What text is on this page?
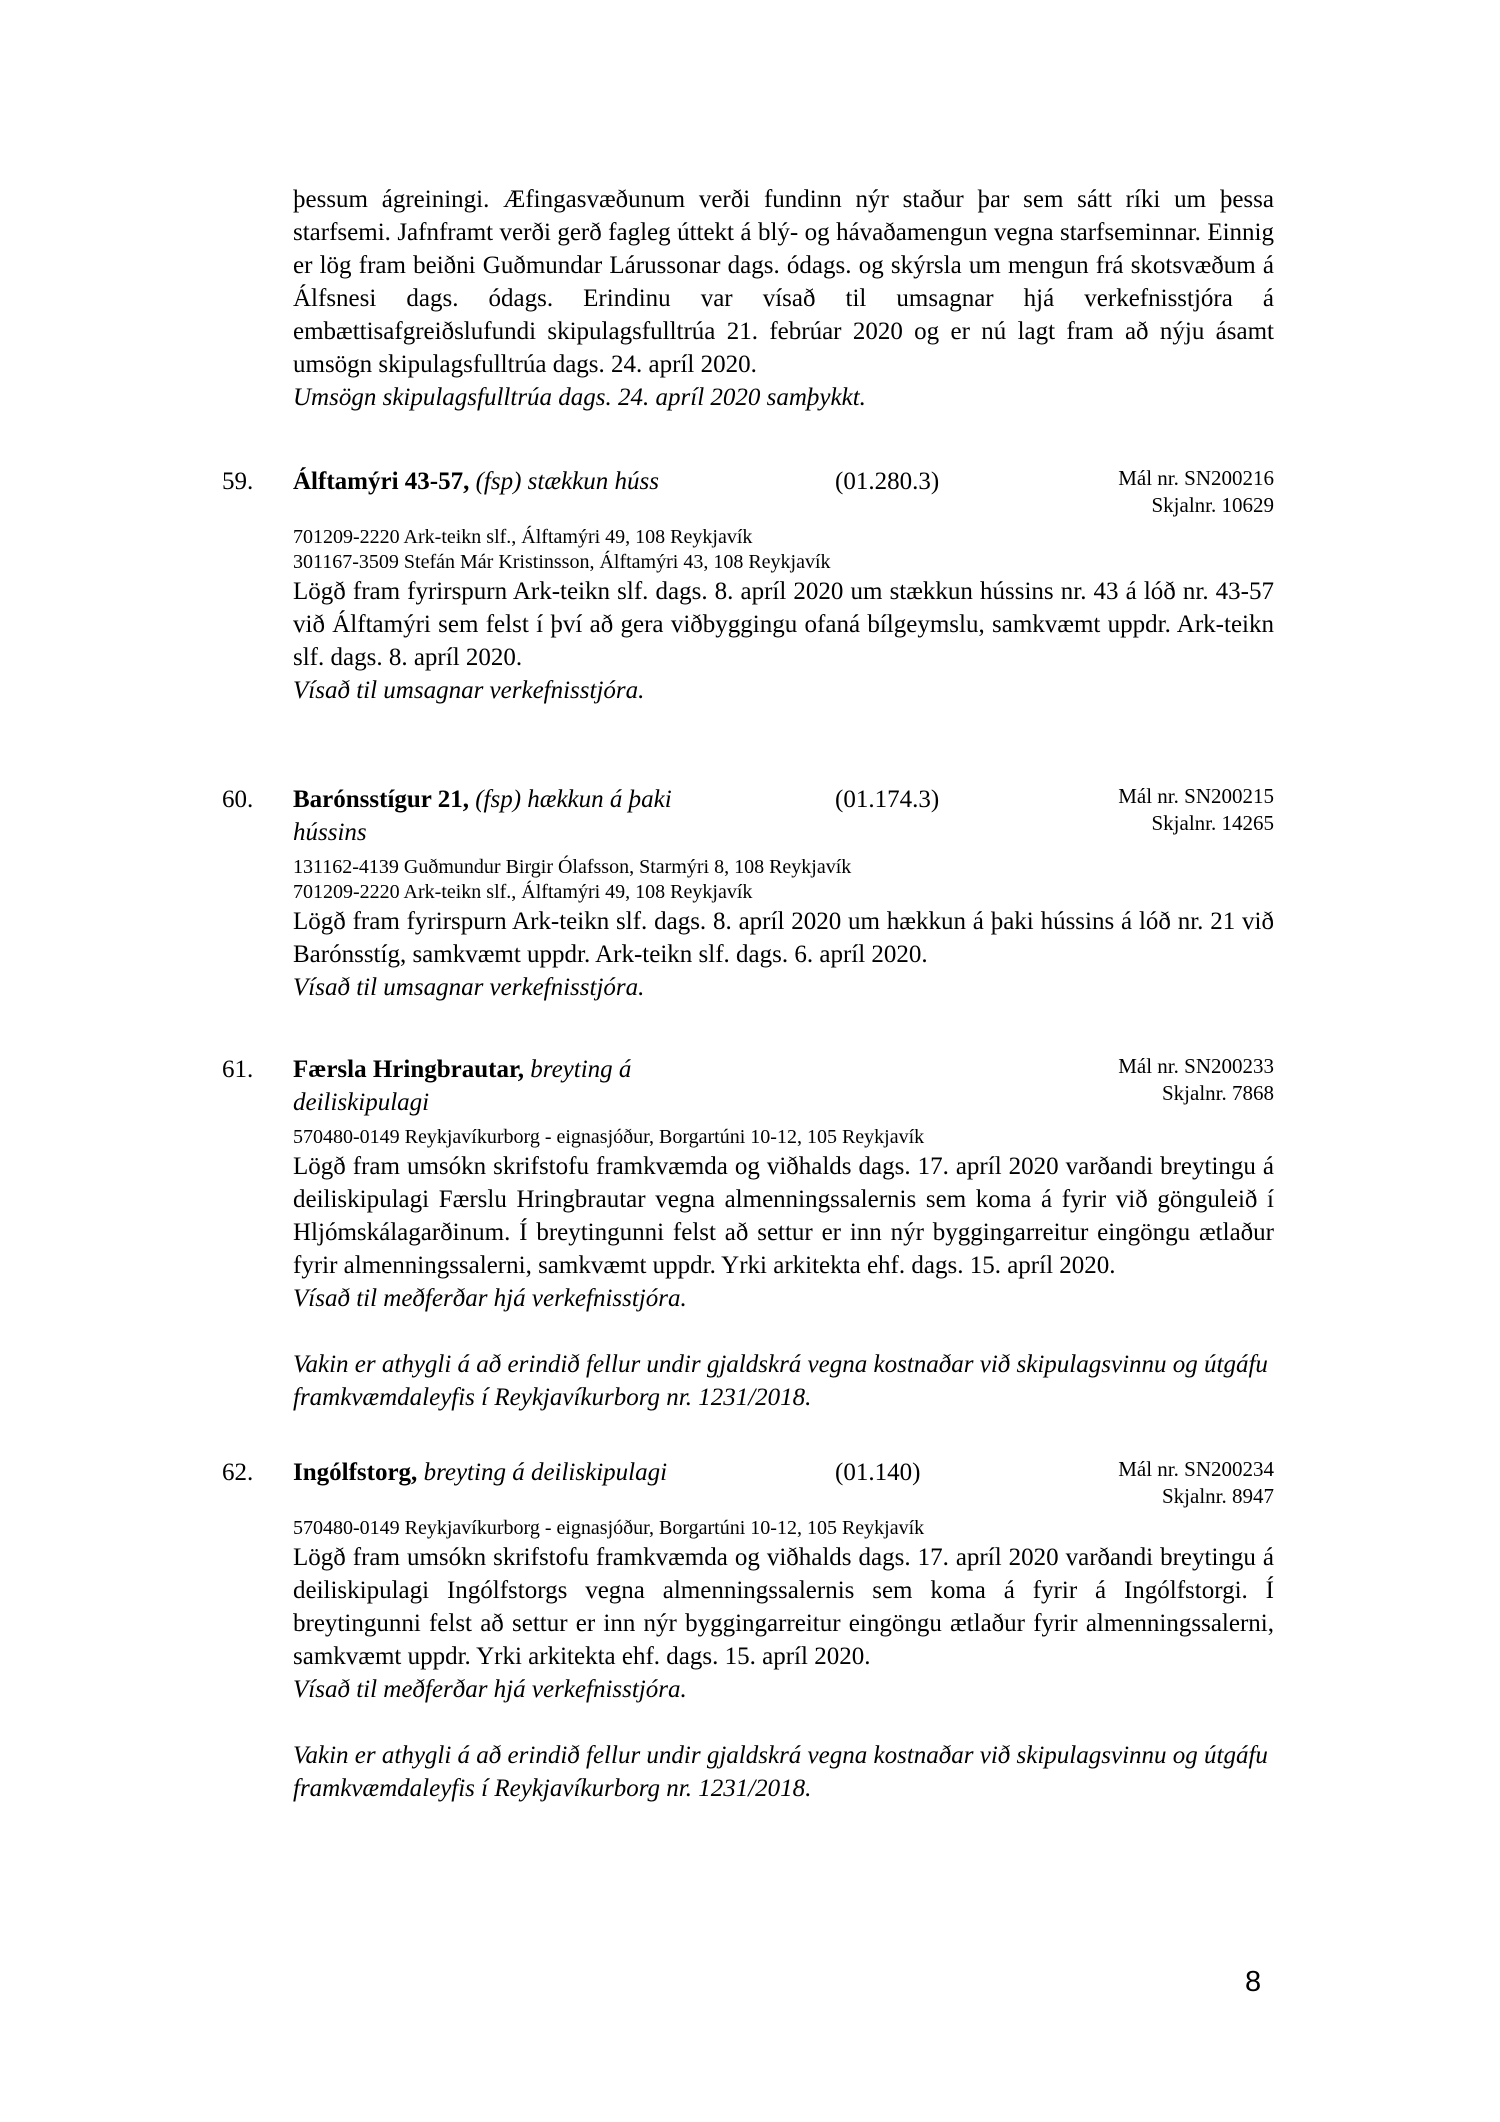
þessum ágreiningi. Æfingasvæðunum verði fundinn nýr staður þar sem sátt ríki um þessa starfsemi. Jafnframt verði gerð fagleg úttekt á blý- og hávaðamengun vegna starfseminnar. Einnig er lög fram beiðni Guðmundar Lárussonar dags. ódags. og skýrsla um mengun frá skotsvæðum á Álfsnesi dags. ódags. Erindinu var vísað til umsagnar hjá verkefnisstjóra á embættisafgreiðslufundi skipulagsfulltrúa 21. febrúar 2020 og er nú lagt fram að nýju ásamt umsögn skipulagsfulltrúa dags. 24. apríl 2020.

Umsögn skipulagsfulltrúa dags. 24. apríl 2020 samþykkt.

59.	Álftamýri 43-57, (fsp) stækkun húss	(01.280.3)	Mál nr. SN200216
Skjalnr. 10629
701209-2220 Ark-teikn slf., Álftamýri 49, 108 Reykjavík
301167-3509 Stefán Már Kristinsson, Álftamýri 43, 108 Reykjavík

Lögð fram fyrirspurn Ark-teikn slf. dags. 8. apríl 2020 um stækkun hússins nr. 43 á lóð nr. 43-57 við Álftamýri sem felst í því að gera viðbyggingu ofaná bílgeymslu, samkvæmt uppdr. Ark-teikn slf. dags. 8. apríl 2020.

Vísað til umsagnar verkefnisstjóra.

60.	Barónsstígur 21, (fsp) hækkun á þaki
hússins
(01.174.3)	Mál nr. SN200215
Skjalnr. 14265
131162-4139 Guðmundur Birgir Ólafsson, Starmýri 8, 108 Reykjavík
701209-2220 Ark-teikn slf., Álftamýri 49, 108 Reykjavík

Lögð fram fyrirspurn Ark-teikn slf. dags. 8. apríl 2020 um hækkun á þaki hússins á lóð nr. 21 við Barónsstíg, samkvæmt uppdr. Ark-teikn slf. dags. 6. apríl 2020.

Vísað til umsagnar verkefnisstjóra.

61.	Færsla Hringbrautar, breyting á
deiliskipulagi
Mál nr. SN200233
Skjalnr. 7868
570480-0149 Reykjavíkurborg - eignasjóður, Borgartúni 10-12, 105 Reykjavík

Lögð fram umsókn skrifstofu framkvæmda og viðhalds dags. 17. apríl 2020 varðandi breytingu á deiliskipulagi Færslu Hringbrautar vegna almenningssalernis sem koma á fyrir við gönguleið í Hljómskálagarðinum. Í breytingunni felst að settur er inn nýr byggingarreitur eingöngu ætlaður fyrir almenningssalerni, samkvæmt uppdr. Yrki arkitekta ehf. dags. 15. apríl 2020.

Vísað til meðferðar hjá verkefnisstjóra.

Vakin er athygli á að erindið fellur undir gjaldskrá vegna kostnaðar við skipulagsvinnu og útgáfu framkvæmdaleyfis í Reykjavíkurborg nr. 1231/2018.

62.	Ingólfstorg, breyting á deiliskipulagi	(01.140)	Mál nr. SN200234
Skjalnr. 8947
570480-0149 Reykjavíkurborg - eignasjóður, Borgartúni 10-12, 105 Reykjavík

Lögð fram umsókn skrifstofu framkvæmda og viðhalds dags. 17. apríl 2020 varðandi breytingu á deiliskipulagi Ingólfstorgs vegna almenningssalernis sem koma á fyrir á Ingólfstorgi. Í breytingunni felst að settur er inn nýr byggingarreitur eingöngu ætlaður fyrir almenningssalerni, samkvæmt uppdr. Yrki arkitekta ehf. dags. 15. apríl 2020.

Vísað til meðferðar hjá verkefnisstjóra.

Vakin er athygli á að erindið fellur undir gjaldskrá vegna kostnaðar við skipulagsvinnu og útgáfu framkvæmdaleyfis í Reykjavíkurborg nr. 1231/2018.

8
